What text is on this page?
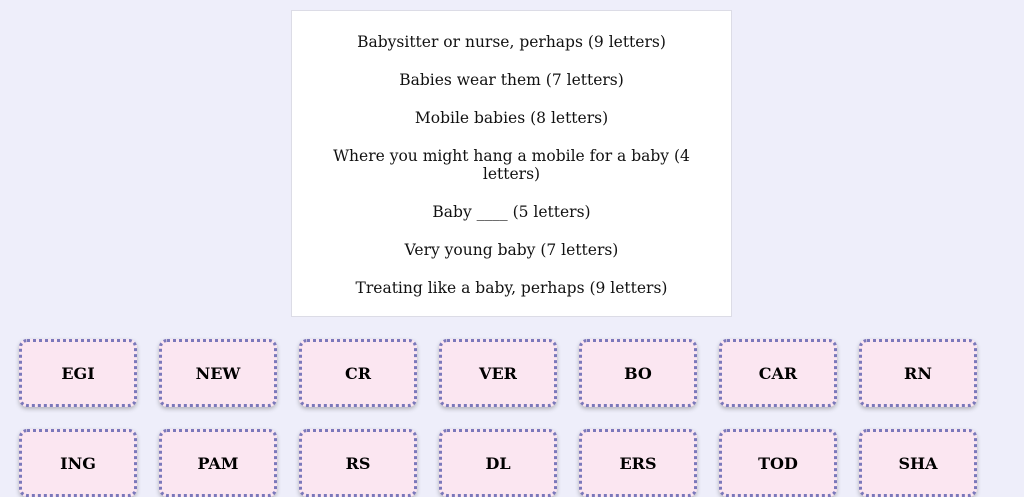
Babysitter or nurse, perhaps (9 letters)

Babies wear them (7 letters)

Mobile babies (8 letters)

Where you might hang a mobile for a baby (4 letters)

Baby ____ (5 letters)

Very young baby (7 letters)

Treating like a baby, perhaps (9 letters)

EGI	NEW	CR	VER	BO	CAR	RN
ING	PAM	RS	DL	ERS	TOD	SHA
